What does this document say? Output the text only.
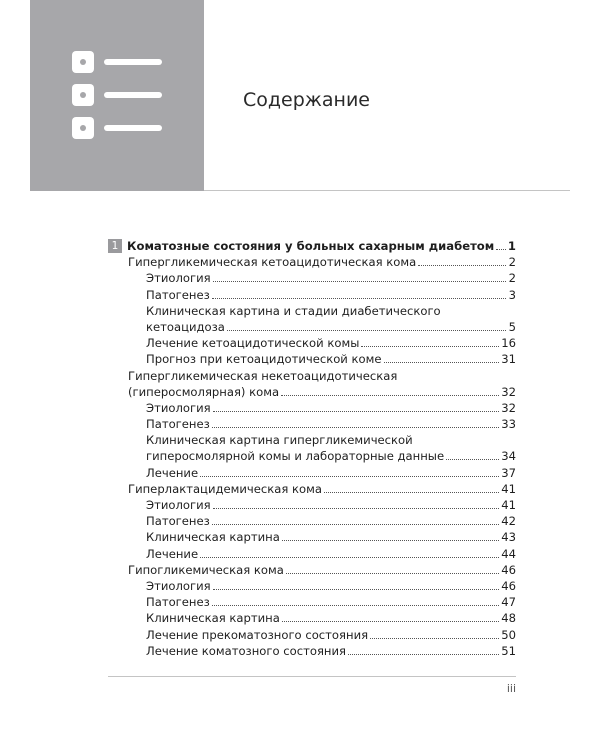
Содержание
1 Коматозные состояния у больных сахарным диабетом 1
Гипергликемическая кетоацидотическая кома	2
Этиология	2
Патогенез	3
Клиническая картина и стадии диабетического
кетоацидоза	5
Лечение кетоацидотической комы	16
Прогноз при кетоацидотической коме	31
Гипергликемическая некетоацидотическая
(гиперосмолярная) кома	32
Этиология	32
Патогенез	33
Клиническая картина гипергликемической
гиперосмолярной комы и лабораторные данные	34
Лечение	37
Гиперлактацидемическая кома	41
Этиология	41
Патогенез	42
Клиническая картина	43
Лечение	44
Гипогликемическая кома	46
Этиология	46
Патогенез	47
Клиническая картина	48
Лечение прекоматозного состояния	50
Лечение коматозного состояния	51
iii
